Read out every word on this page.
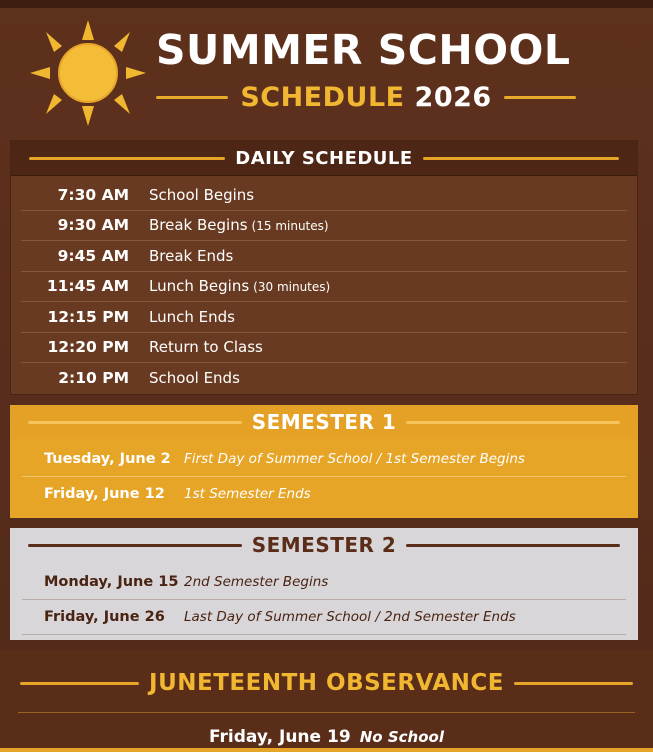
SUMMER SCHOOL
SCHEDULE 2026
DAILY SCHEDULE
7:30 AM School Begins
9:30 AM Break Begins (15 minutes)
9:45 AM Break Ends
11:45 AM Lunch Begins (30 minutes)
12:15 PM Lunch Ends
12:20 PM Return to Class
2:10 PM School Ends
SEMESTER 1
Tuesday, June 2 First Day of Summer School / 1st Semester Begins
Friday, June 12	1st Semester Ends
SEMESTER 2
Monday, June 15 2nd Semester Begins
Friday, June 26	Last Day of Summer School / 2nd Semester Ends
JUNETEENTH OBSERVANCE
Friday, June 19 No School
